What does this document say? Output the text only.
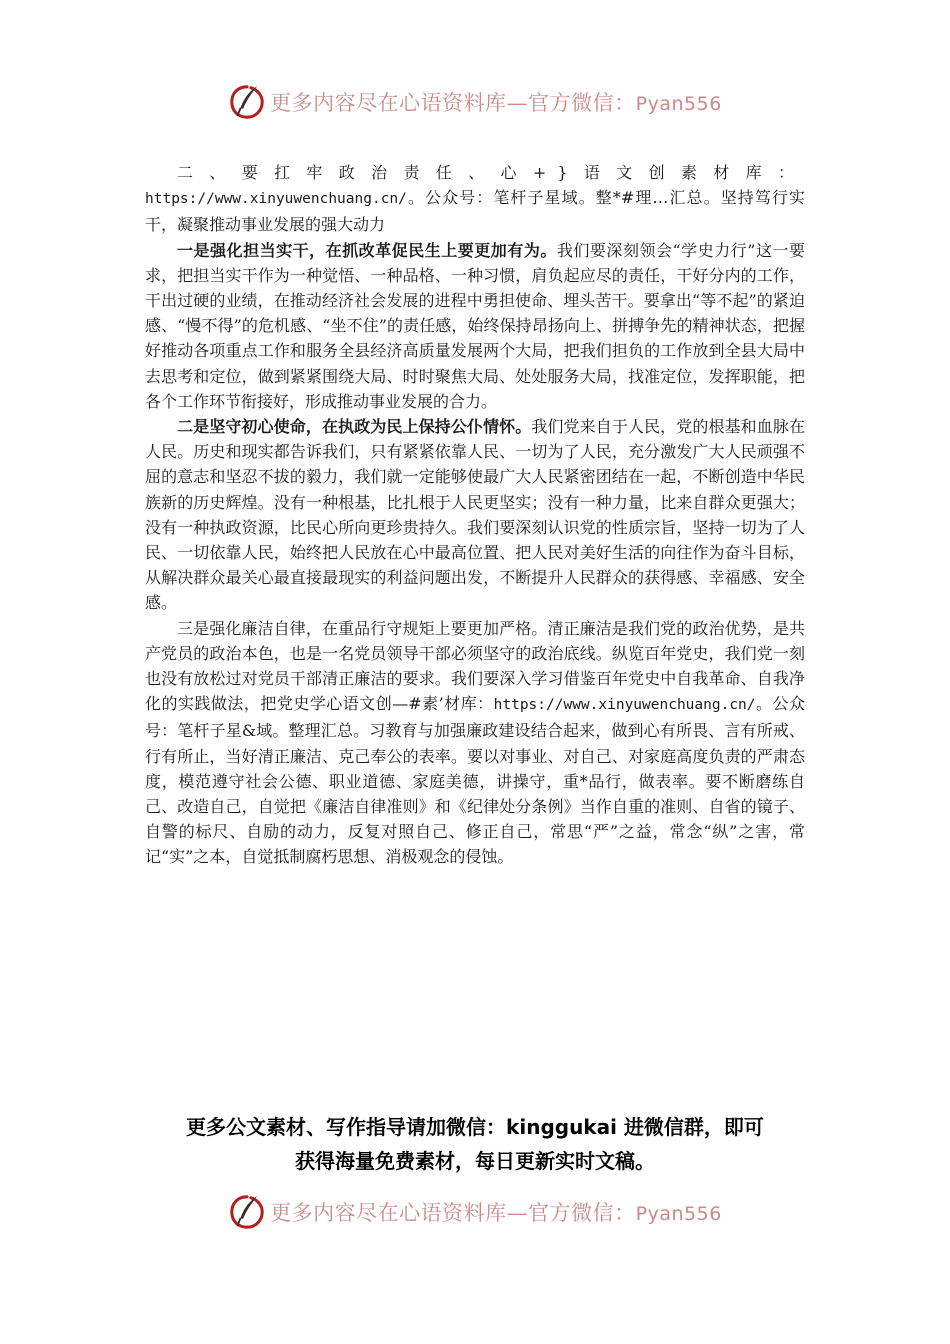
更多内容尽在心语资料库—官方微信：Pyan556

二、要扛牢政治责任、心+}语文创素材库：https://www.xinyuwenchuang.cn/。公众号：笔杆子星域。整*#理…汇总。坚持笃行实干，凝聚推动事业发展的强大动力

一是强化担当实干，在抓改革促民生上要更加有为。我们要深刻领会“学史力行”这一要求，把担当实干作为一种觉悟、一种品格、一种习惯，肩负起应尽的责任，干好分内的工作，干出过硬的业绩，在推动经济社会发展的进程中勇担使命、埋头苦干。要拿出“等不起”的紧迫感、“慢不得”的危机感、“坐不住”的责任感，始终保持昂扬向上、拼搏争先的精神状态，把握好推动各项重点工作和服务全县经济高质量发展两个大局，把我们担负的工作放到全县大局中去思考和定位，做到紧紧围绕大局、时时聚焦大局、处处服务大局，找准定位，发挥职能，把各个工作环节衔接好，形成推动事业发展的合力。

二是坚守初心使命，在执政为民上保持公仆情怀。我们党来自于人民，党的根基和血脉在人民。历史和现实都告诉我们，只有紧紧依靠人民、一切为了人民，充分激发广大人民顽强不屈的意志和坚忍不拔的毅力，我们就一定能够使最广大人民紧密团结在一起，不断创造中华民族新的历史辉煌。没有一种根基，比扎根于人民更坚实；没有一种力量，比来自群众更强大；没有一种执政资源，比民心所向更珍贵持久。我们要深刻认识党的性质宗旨，坚持一切为了人民、一切依靠人民，始终把人民放在心中最高位置、把人民对美好生活的向往作为奋斗目标，从解决群众最关心最直接最现实的利益问题出发，不断提升人民群众的获得感、幸福感、安全感。

三是强化廉洁自律，在重品行守规矩上要更加严格。清正廉洁是我们党的政治优势，是共产党员的政治本色，也是一名党员领导干部必须坚守的政治底线。纵览百年党史，我们党一刻也没有放松过对党员干部清正廉洁的要求。我们要深入学习借鉴百年党史中自我革命、自我净化的实践做法，把党史学心语文创—#素’材库：https://www.xinyuwenchuang.cn/。公众号：笔杆子星&域。整理汇总。习教育与加强廉政建设结合起来，做到心有所畏、言有所戒、行有所止，当好清正廉洁、克己奉公的表率。要以对事业、对自己、对家庭高度负责的严肃态度，模范遵守社会公德、职业道德、家庭美德，讲操守，重*品行，做表率。要不断磨练自己、改造自己，自觉把《廉洁自律准则》和《纪律处分条例》当作自重的准则、自省的镜子、自警的标尺、自励的动力，反复对照自己、修正自己，常思“严”之益，常念“纵”之害，常记“实”之本，自觉抵制腐朽思想、消极观念的侵蚀。

更多公文素材、写作指导请加微信：kinggukai 进微信群，即可
获得海量免费素材，每日更新实时文稿。
更多内容尽在心语资料库—官方微信：Pyan556
